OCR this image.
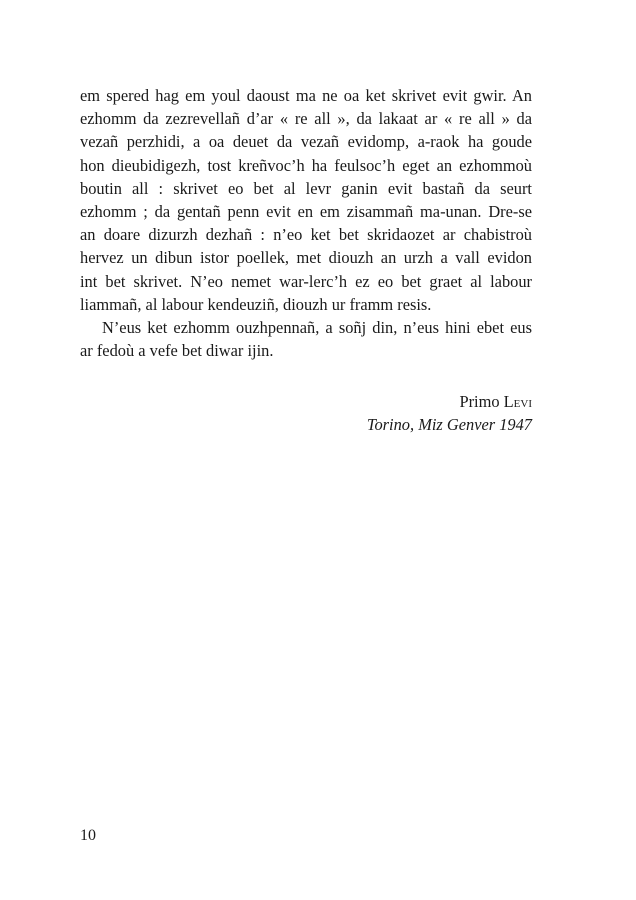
em spered hag em youl daoust ma ne oa ket skrivet evit gwir. An
ezhomm da zezrevellañ d’ar « re all », da lakaat ar « re all » da
vezañ perzhidi, a oa deuet da vezañ evidomp, a-raok ha goude
hon dieubidigezh, tost kreñvoc’h ha feulsoc’h eget an ezhommoù
boutin all : skrivet eo bet al levr ganin evit bastañ da seurt
ezhomm ; da gentañ penn evit en em zisammañ ma-unan. Dre-se
an doare dizurzh dezhañ : n’eo ket bet skridaozet ar chabistroù
hervez un dibun istor poellek, met diouzh an urzh a vall evidon
int bet skrivet. N’eo nemet war-lerc’h ez eo bet graet al labour
liammañ, al labour kendeuziñ, diouzh ur framm resis.
N’eus ket ezhomm ouzhpennañ, a soñj din, n’eus hini ebet eus
ar fedoù a vefe bet diwar ijin.
Primo Levi
Torino, Miz Genver 1947
10
